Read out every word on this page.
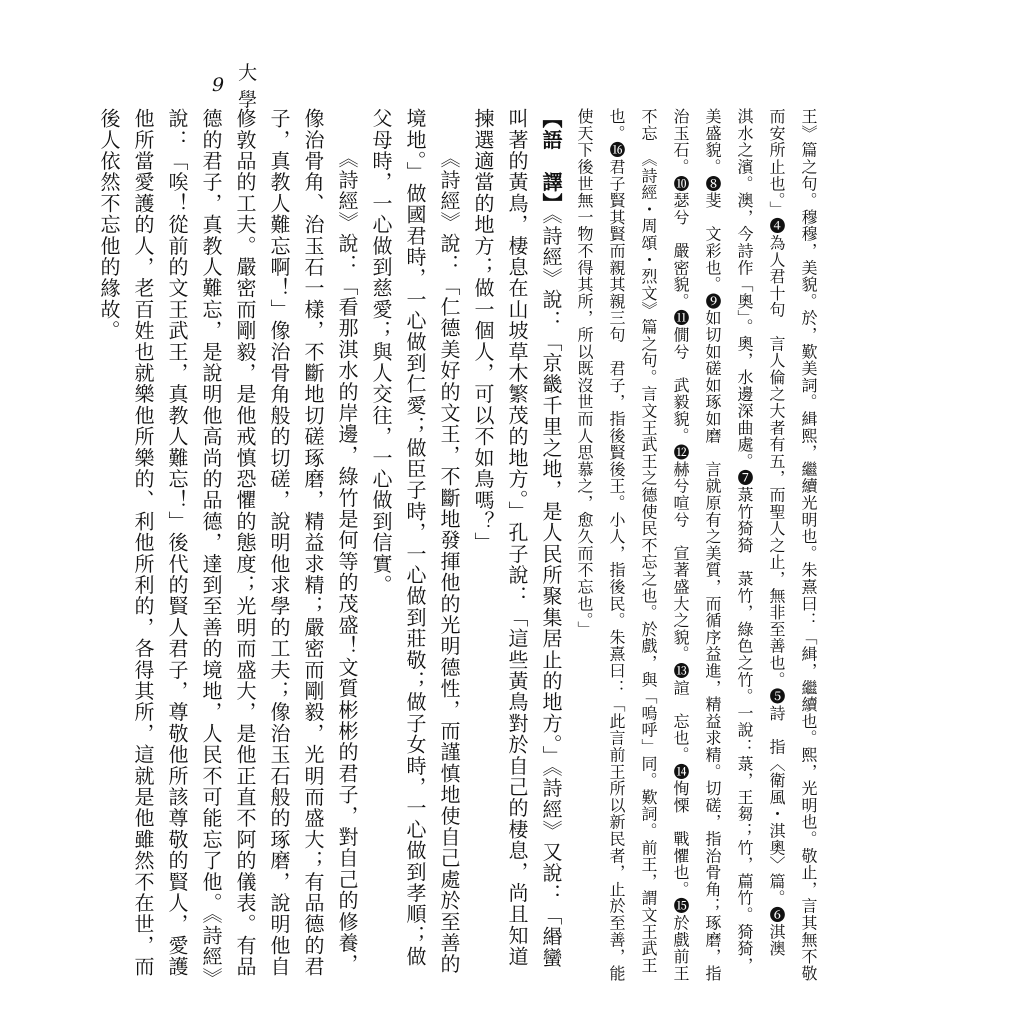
9
大學

王》篇之句。穆穆，美貌。於，歎美詞。緝熙，繼續光明也。朱熹曰：「緝，繼續也。熙，光明也。敬止，言其無不敬而安所止也。」❹為人君十句　言人倫之大者有五，而聖人之止，無非至善也。❺詩　指〈衛風・淇奧〉篇。❻淇澳　淇水之濱。澳，今詩作「奧」。奧，水邊深曲處。❼菉竹猗猗　菉竹，綠色之竹。一說：菉，王芻；竹，萹竹。猗猗，美盛貌。❽斐　文彩也。❾如切如磋如琢如磨　言就原有之美質，而循序益進，精益求精。切磋，指治骨角；琢磨，指治玉石。❿瑟兮　嚴密貌。⓫僩兮　武毅貌。⓬赫兮喧兮　宣著盛大之貌。⓭諠　忘也。⓮恂慄　戰懼也。⓯於戲前王不忘　《詩經・周頌・烈文》篇之句。言文王武王之德使民不忘之也。於戲，與「嗚呼」同。歎詞。前王，謂文王武王也。⓰君子賢其賢而親其親三句　君子，指後賢後王。小人，指後民。朱熹曰：「此言前王所以新民者，止於至善，能使天下後世無一物不得其所，所以既沒世而人思慕之，愈久而不忘也。」

【語　譯】《詩經》說：「京畿千里之地，是人民所聚集居止的地方。」《詩經》又說：「緡蠻叫著的黃鳥，棲息在山坡草木繁茂的地方。」孔子說：「這些黃鳥對於自己的棲息，尚且知道揀選適當的地方；做一個人，可以不如鳥嗎？」

《詩經》說：「仁德美好的文王，不斷地發揮他的光明德性，而謹慎地使自己處於至善的境地。」做國君時，一心做到仁愛；做臣子時，一心做到莊敬；做子女時，一心做到孝順；做父母時，一心做到慈愛；與人交往，一心做到信實。

《詩經》說：「看那淇水的岸邊，綠竹是何等的茂盛！文質彬彬的君子，對自己的修養，像治骨角、治玉石一樣，不斷地切磋琢磨，精益求精；嚴密而剛毅，光明而盛大；有品德的君子，真教人難忘啊！」像治骨角般的切磋，說明他求學的工夫；像治玉石般的琢磨，說明他自修敦品的工夫。嚴密而剛毅，是他戒慎恐懼的態度；光明而盛大，是他正直不阿的儀表。有品德的君子，真教人難忘，是說明他高尚的品德，達到至善的境地，人民不可能忘了他。《詩經》說：「唉！從前的文王武王，真教人難忘！」後代的賢人君子，尊敬他所該尊敬的賢人，愛護他所當愛護的人，老百姓也就樂他所樂的、利他所利的，各得其所，這就是他雖然不在世，而後人依然不忘他的緣故。
